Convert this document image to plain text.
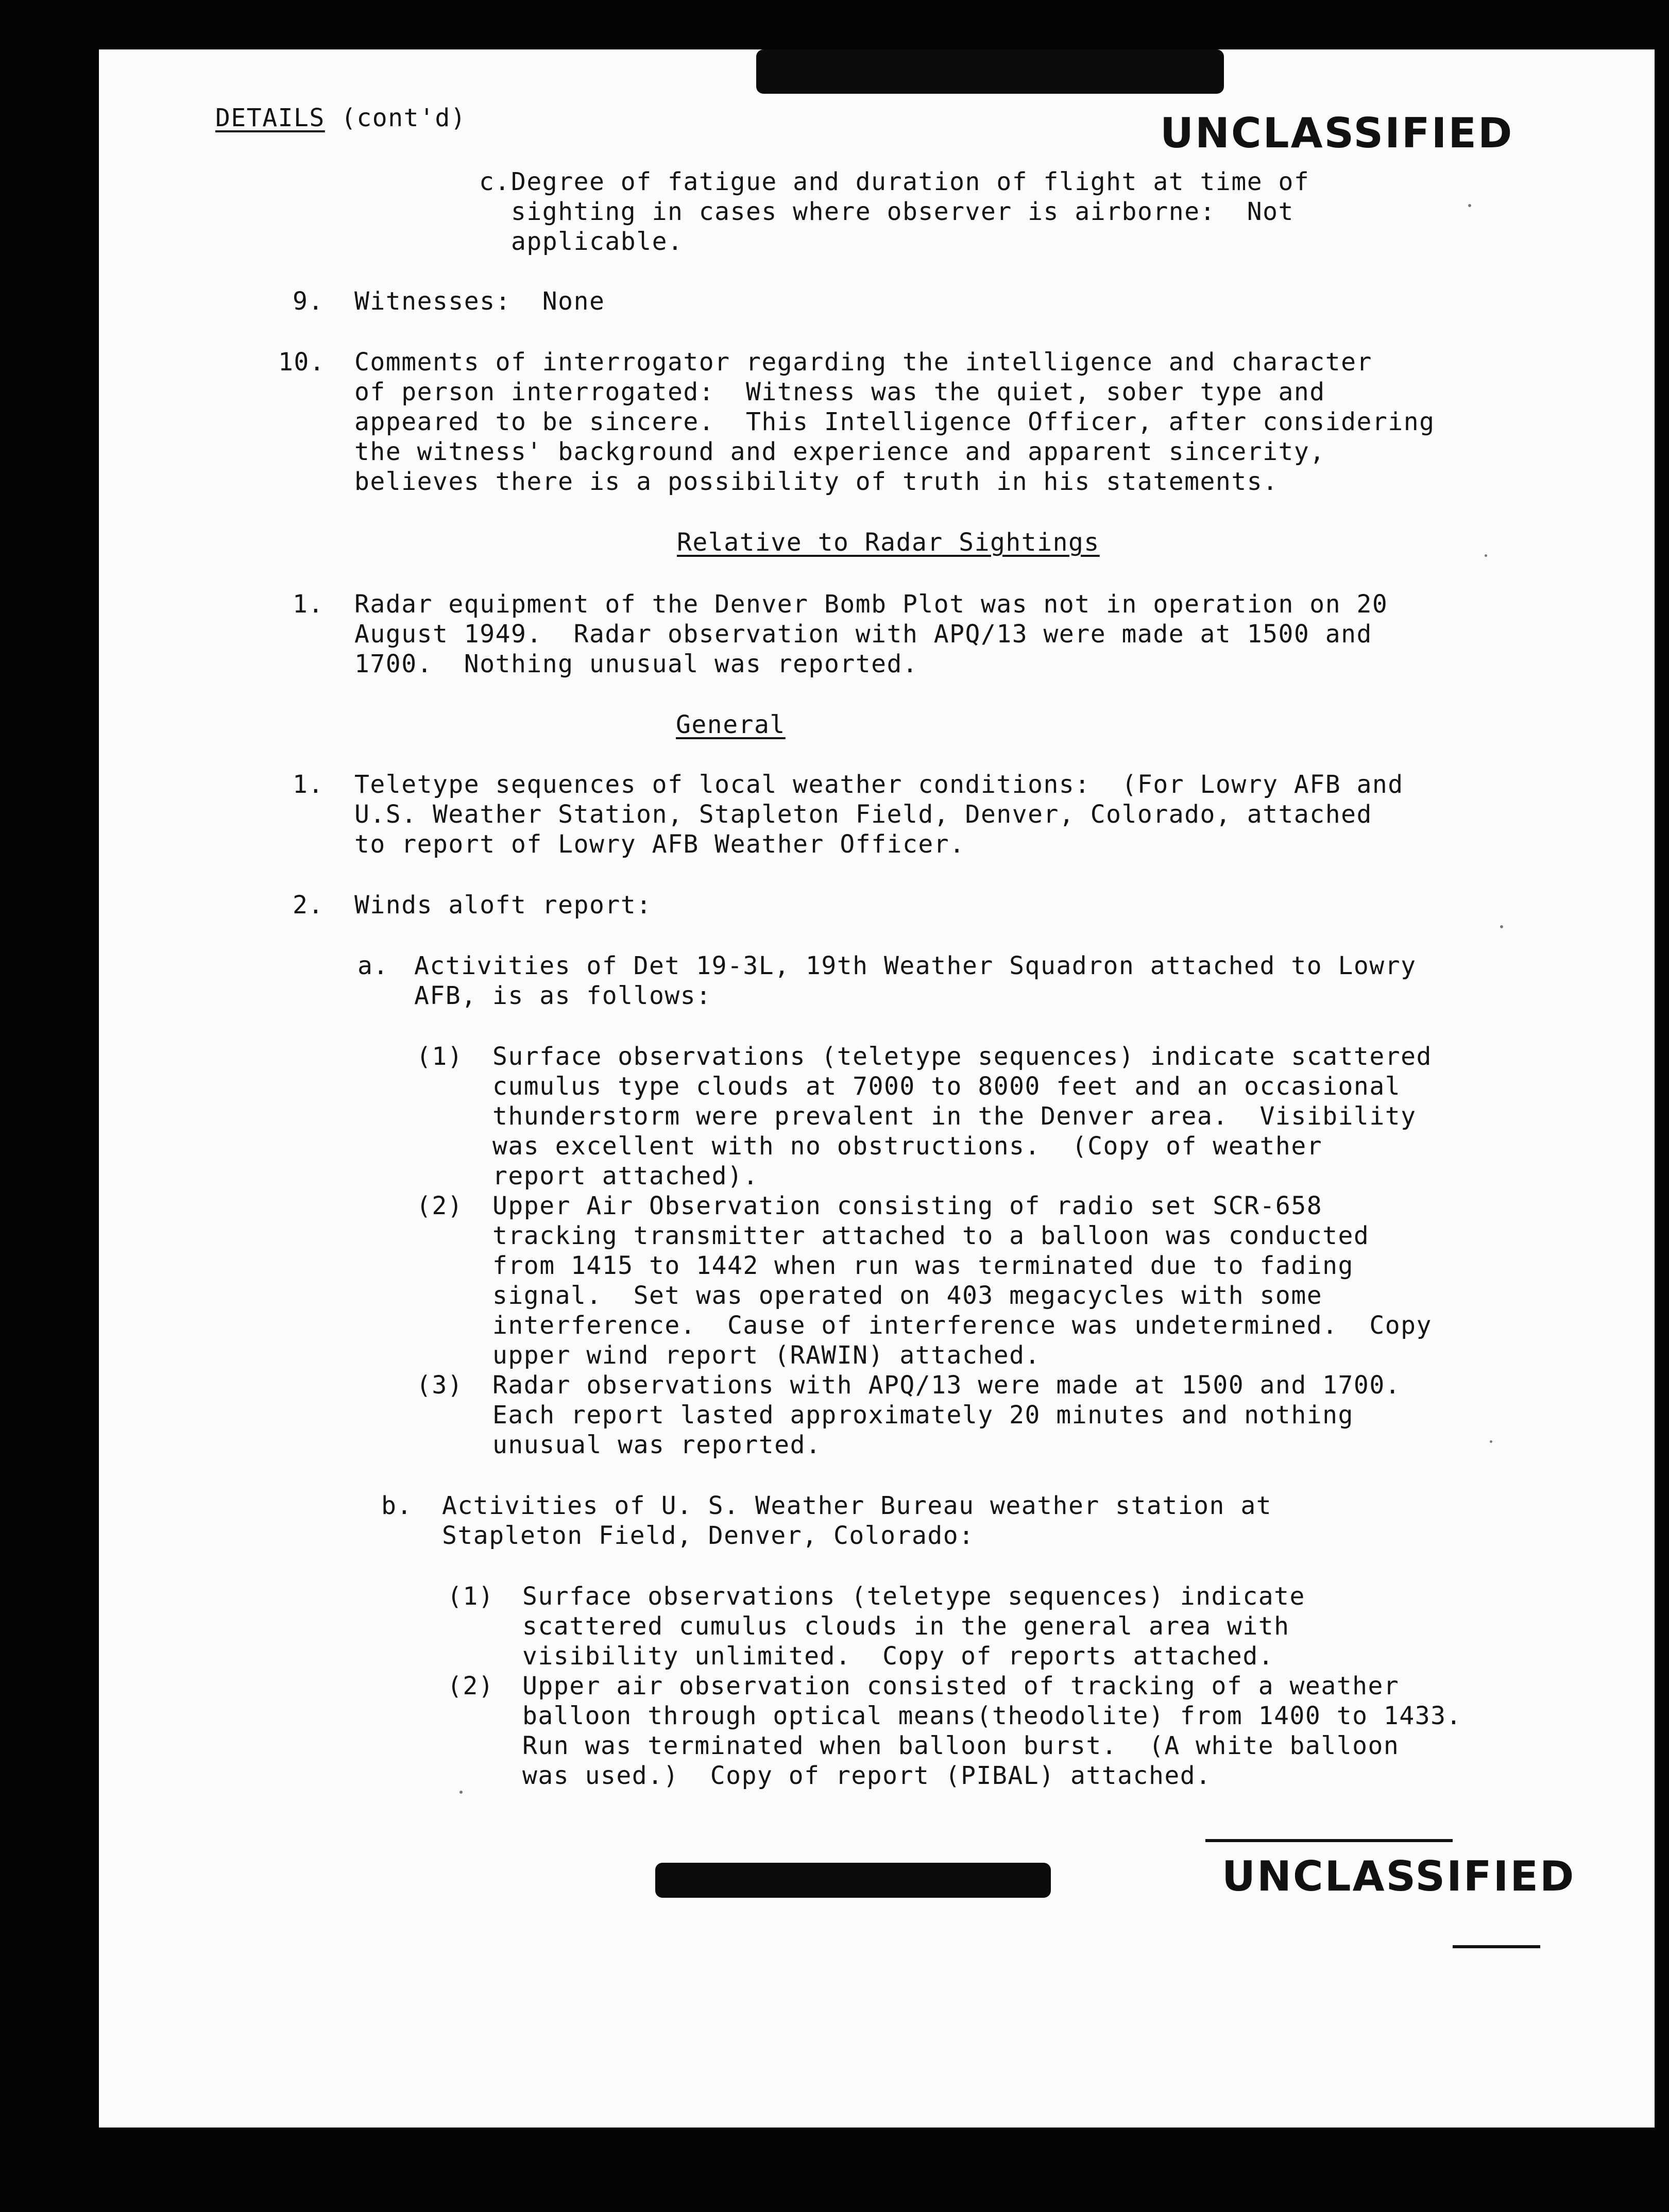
DETAILS (cont'd)	UNCLASSIFIED
c. Degree of fatigue and duration of flight at time of
sighting in cases where observer is airborne:  Not
applicable.
9. Witnesses:  None
10. Comments of interrogator regarding the intelligence and character
of person interrogated:  Witness was the quiet, sober type and
appeared to be sincere.  This Intelligence Officer, after considering
the witness' background and experience and apparent sincerity,
believes there is a possibility of truth in his statements.
Relative to Radar Sightings
1. Radar equipment of the Denver Bomb Plot was not in operation on 20
August 1949.  Radar observation with APQ/13 were made at 1500 and
1700.  Nothing unusual was reported.
General
1. Teletype sequences of local weather conditions:  (For Lowry AFB and
U.S. Weather Station, Stapleton Field, Denver, Colorado, attached
to report of Lowry AFB Weather Officer.
2. Winds aloft report:
a. Activities of Det 19-3L, 19th Weather Squadron attached to Lowry
AFB, is as follows:
(1) Surface observations (teletype sequences) indicate scattered
cumulus type clouds at 7000 to 8000 feet and an occasional
thunderstorm were prevalent in the Denver area.  Visibility
was excellent with no obstructions.  (Copy of weather
report attached).
(2) Upper Air Observation consisting of radio set SCR-658
tracking transmitter attached to a balloon was conducted
from 1415 to 1442 when run was terminated due to fading
signal.  Set was operated on 403 megacycles with some
interference.  Cause of interference was undetermined.  Copy
upper wind report (RAWIN) attached.
(3) Radar observations with APQ/13 were made at 1500 and 1700.
Each report lasted approximately 20 minutes and nothing
unusual was reported.
b. Activities of U. S. Weather Bureau weather station at
Stapleton Field, Denver, Colorado:
(1) Surface observations (teletype sequences) indicate
scattered cumulus clouds in the general area with
visibility unlimited.  Copy of reports attached.
(2) Upper air observation consisted of tracking of a weather
balloon through optical means(theodolite) from 1400 to 1433.
Run was terminated when balloon burst.  (A white balloon
was used.)  Copy of report (PIBAL) attached.
UNCLASSIFIED
